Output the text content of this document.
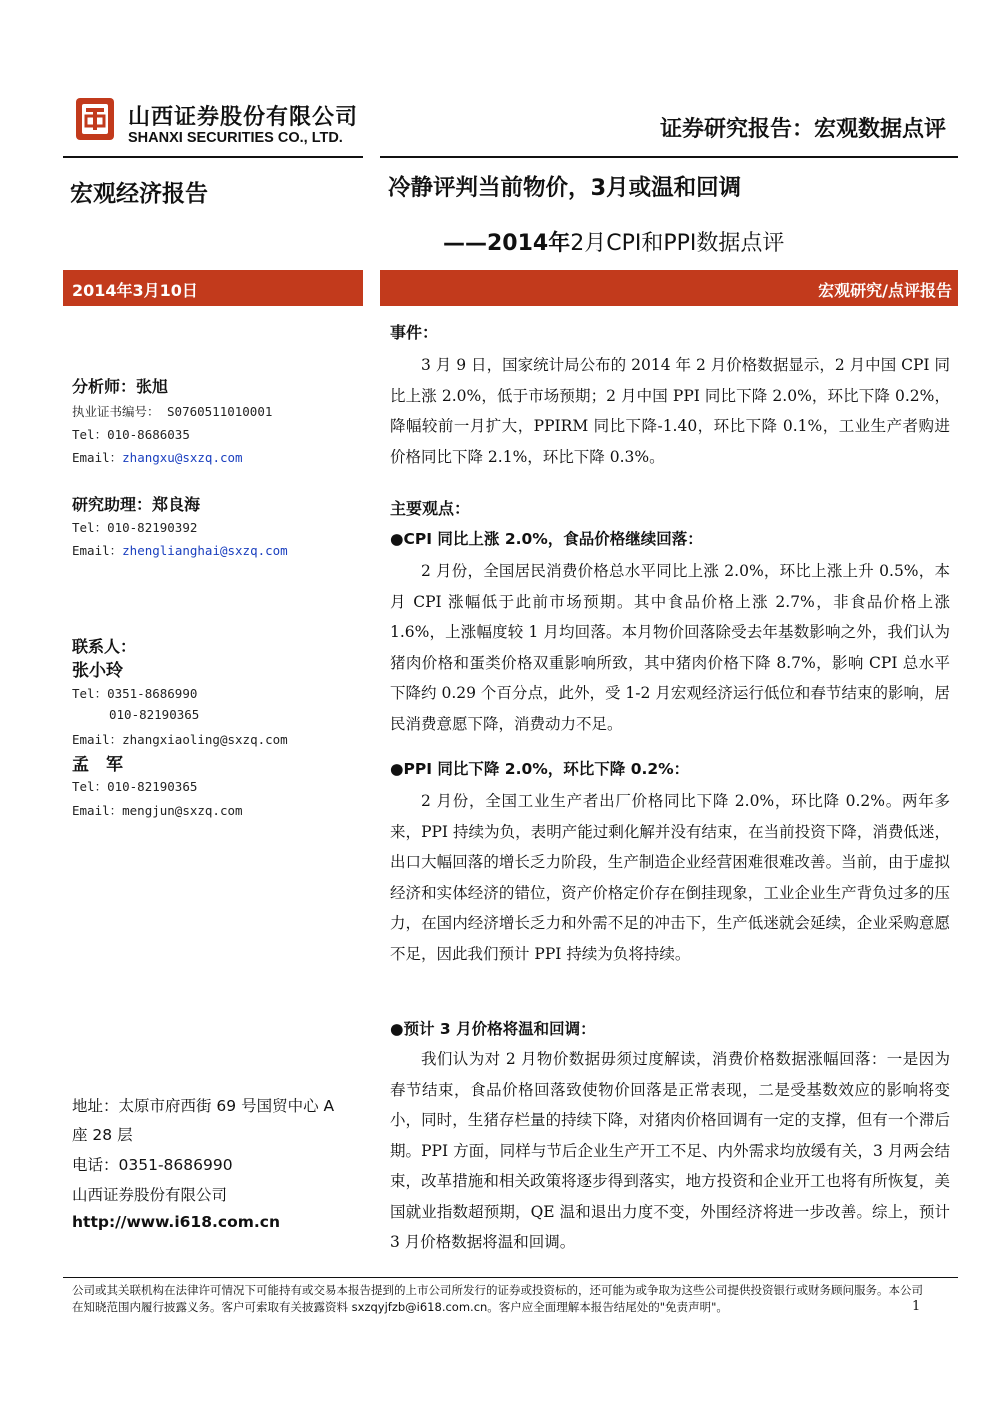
山西证券股份有限公司
SHANXI SECURITIES CO., LTD.	证券研究报告：宏观数据点评
宏观经济报告	冷静评判当前物价，3月或温和回调
——2014年2月CPI和PPI数据点评
2014年3月10日	宏观研究/点评报告
分析师：张旭
执业证书编号： S0760511010001
Tel：010-8686035
Email：zhangxu@sxzq.com
研究助理：郑良海
Tel：010-82190392
Email：zhenglianghai@sxzq.com
联系人：
张小玲
Tel：0351-8686990
010-82190365
Email：zhangxiaoling@sxzq.com
孟　军
Tel：010-82190365
Email：mengjun@sxzq.com
地址：太原市府西街 69 号国贸中心 A
座 28 层
电话：0351-8686990
山西证券股份有限公司
http://www.i618.com.cn
事件：

3 月 9 日，国家统计局公布的 2014 年 2 月价格数据显示，2 月中国 CPI 同比上涨 2.0%，低于市场预期；2 月中国 PPI 同比下降 2.0%，环比下降 0.2%，降幅较前一月扩大，PPIRM 同比下降-1.40，环比下降 0.1%，工业生产者购进价格同比下降 2.1%，环比下降 0.3%。

主要观点：
●CPI 同比上涨 2.0%，食品价格继续回落：

2 月份，全国居民消费价格总水平同比上涨 2.0%，环比上涨上升 0.5%，本月 CPI 涨幅低于此前市场预期。其中食品价格上涨 2.7%，非食品价格上涨 1.6%，上涨幅度较 1 月均回落。本月物价回落除受去年基数影响之外，我们认为猪肉价格和蛋类价格双重影响所致，其中猪肉价格下降 8.7%，影响 CPI 总水平下降约 0.29 个百分点，此外，受 1-2 月宏观经济运行低位和春节结束的影响，居民消费意愿下降，消费动力不足。

●PPI 同比下降 2.0%，环比下降 0.2%：

2 月份，全国工业生产者出厂价格同比下降 2.0%，环比降 0.2%。两年多来，PPI 持续为负，表明产能过剩化解并没有结束，在当前投资下降，消费低迷，出口大幅回落的增长乏力阶段，生产制造企业经营困难很难改善。当前，由于虚拟经济和实体经济的错位，资产价格定价存在倒挂现象，工业企业生产背负过多的压力，在国内经济增长乏力和外需不足的冲击下，生产低迷就会延续，企业采购意愿不足，因此我们预计 PPI 持续为负将持续。

●预计 3 月价格将温和回调：

我们认为对 2 月物价数据毋须过度解读，消费价格数据涨幅回落：一是因为春节结束，食品价格回落致使物价回落是正常表现，二是受基数效应的影响将变小，同时，生猪存栏量的持续下降，对猪肉价格回调有一定的支撑，但有一个滞后期。PPI 方面，同样与节后企业生产开工不足、内外需求均放缓有关，3 月两会结束，改革措施和相关政策将逐步得到落实，地方投资和企业开工也将有所恢复，美国就业指数超预期，QE 温和退出力度不变，外围经济将进一步改善。综上，预计 3 月价格数据将温和回调。

公司或其关联机构在法律许可情况下可能持有或交易本报告提到的上市公司所发行的证券或投资标的，还可能为或争取为这些公司提供投资银行或财务顾问服务。本公司在知晓范围内履行披露义务。客户可索取有关披露资料 sxzqyjfzb@i618.com.cn。客户应全面理解本报告结尾处的"免责声明"。	1
